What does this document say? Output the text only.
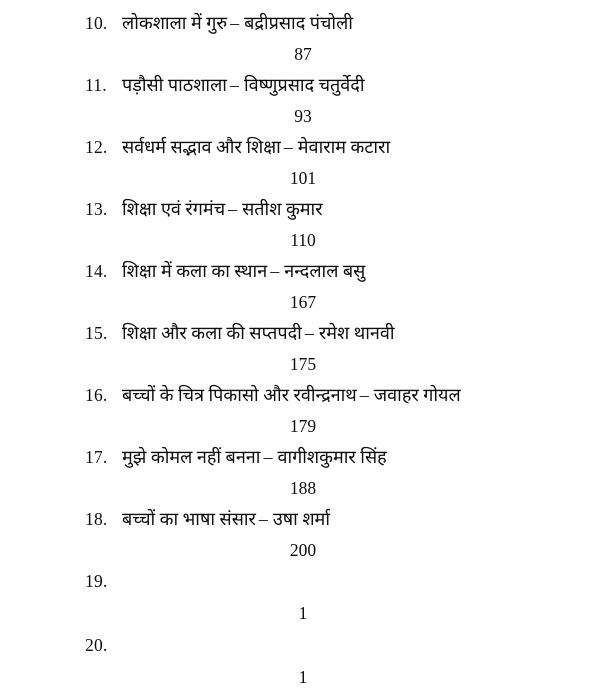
10. लोकशाला में गुरु – बद्रीप्रसाद पंचोली
87
11. पड़ौसी पाठशाला – विष्णुप्रसाद चतुर्वेदी
93
12. सर्वधर्म सद्भाव और शिक्षा – मेवाराम कटारा
101
13. शिक्षा एवं रंगमंच – सतीश कुमार
110
14. शिक्षा में कला का स्थान – नन्दलाल बसु
167
15. शिक्षा और कला की सप्तपदी – रमेश थानवी
175
16. बच्चों के चित्र पिकासो और रवीन्द्रनाथ – जवाहर गोयल
179
17. मुझे कोमल नहीं बनना – वागीशकुमार सिंह
188
18. बच्चों का भाषा संसार – उषा शर्मा
200
19.
1
20.
1
